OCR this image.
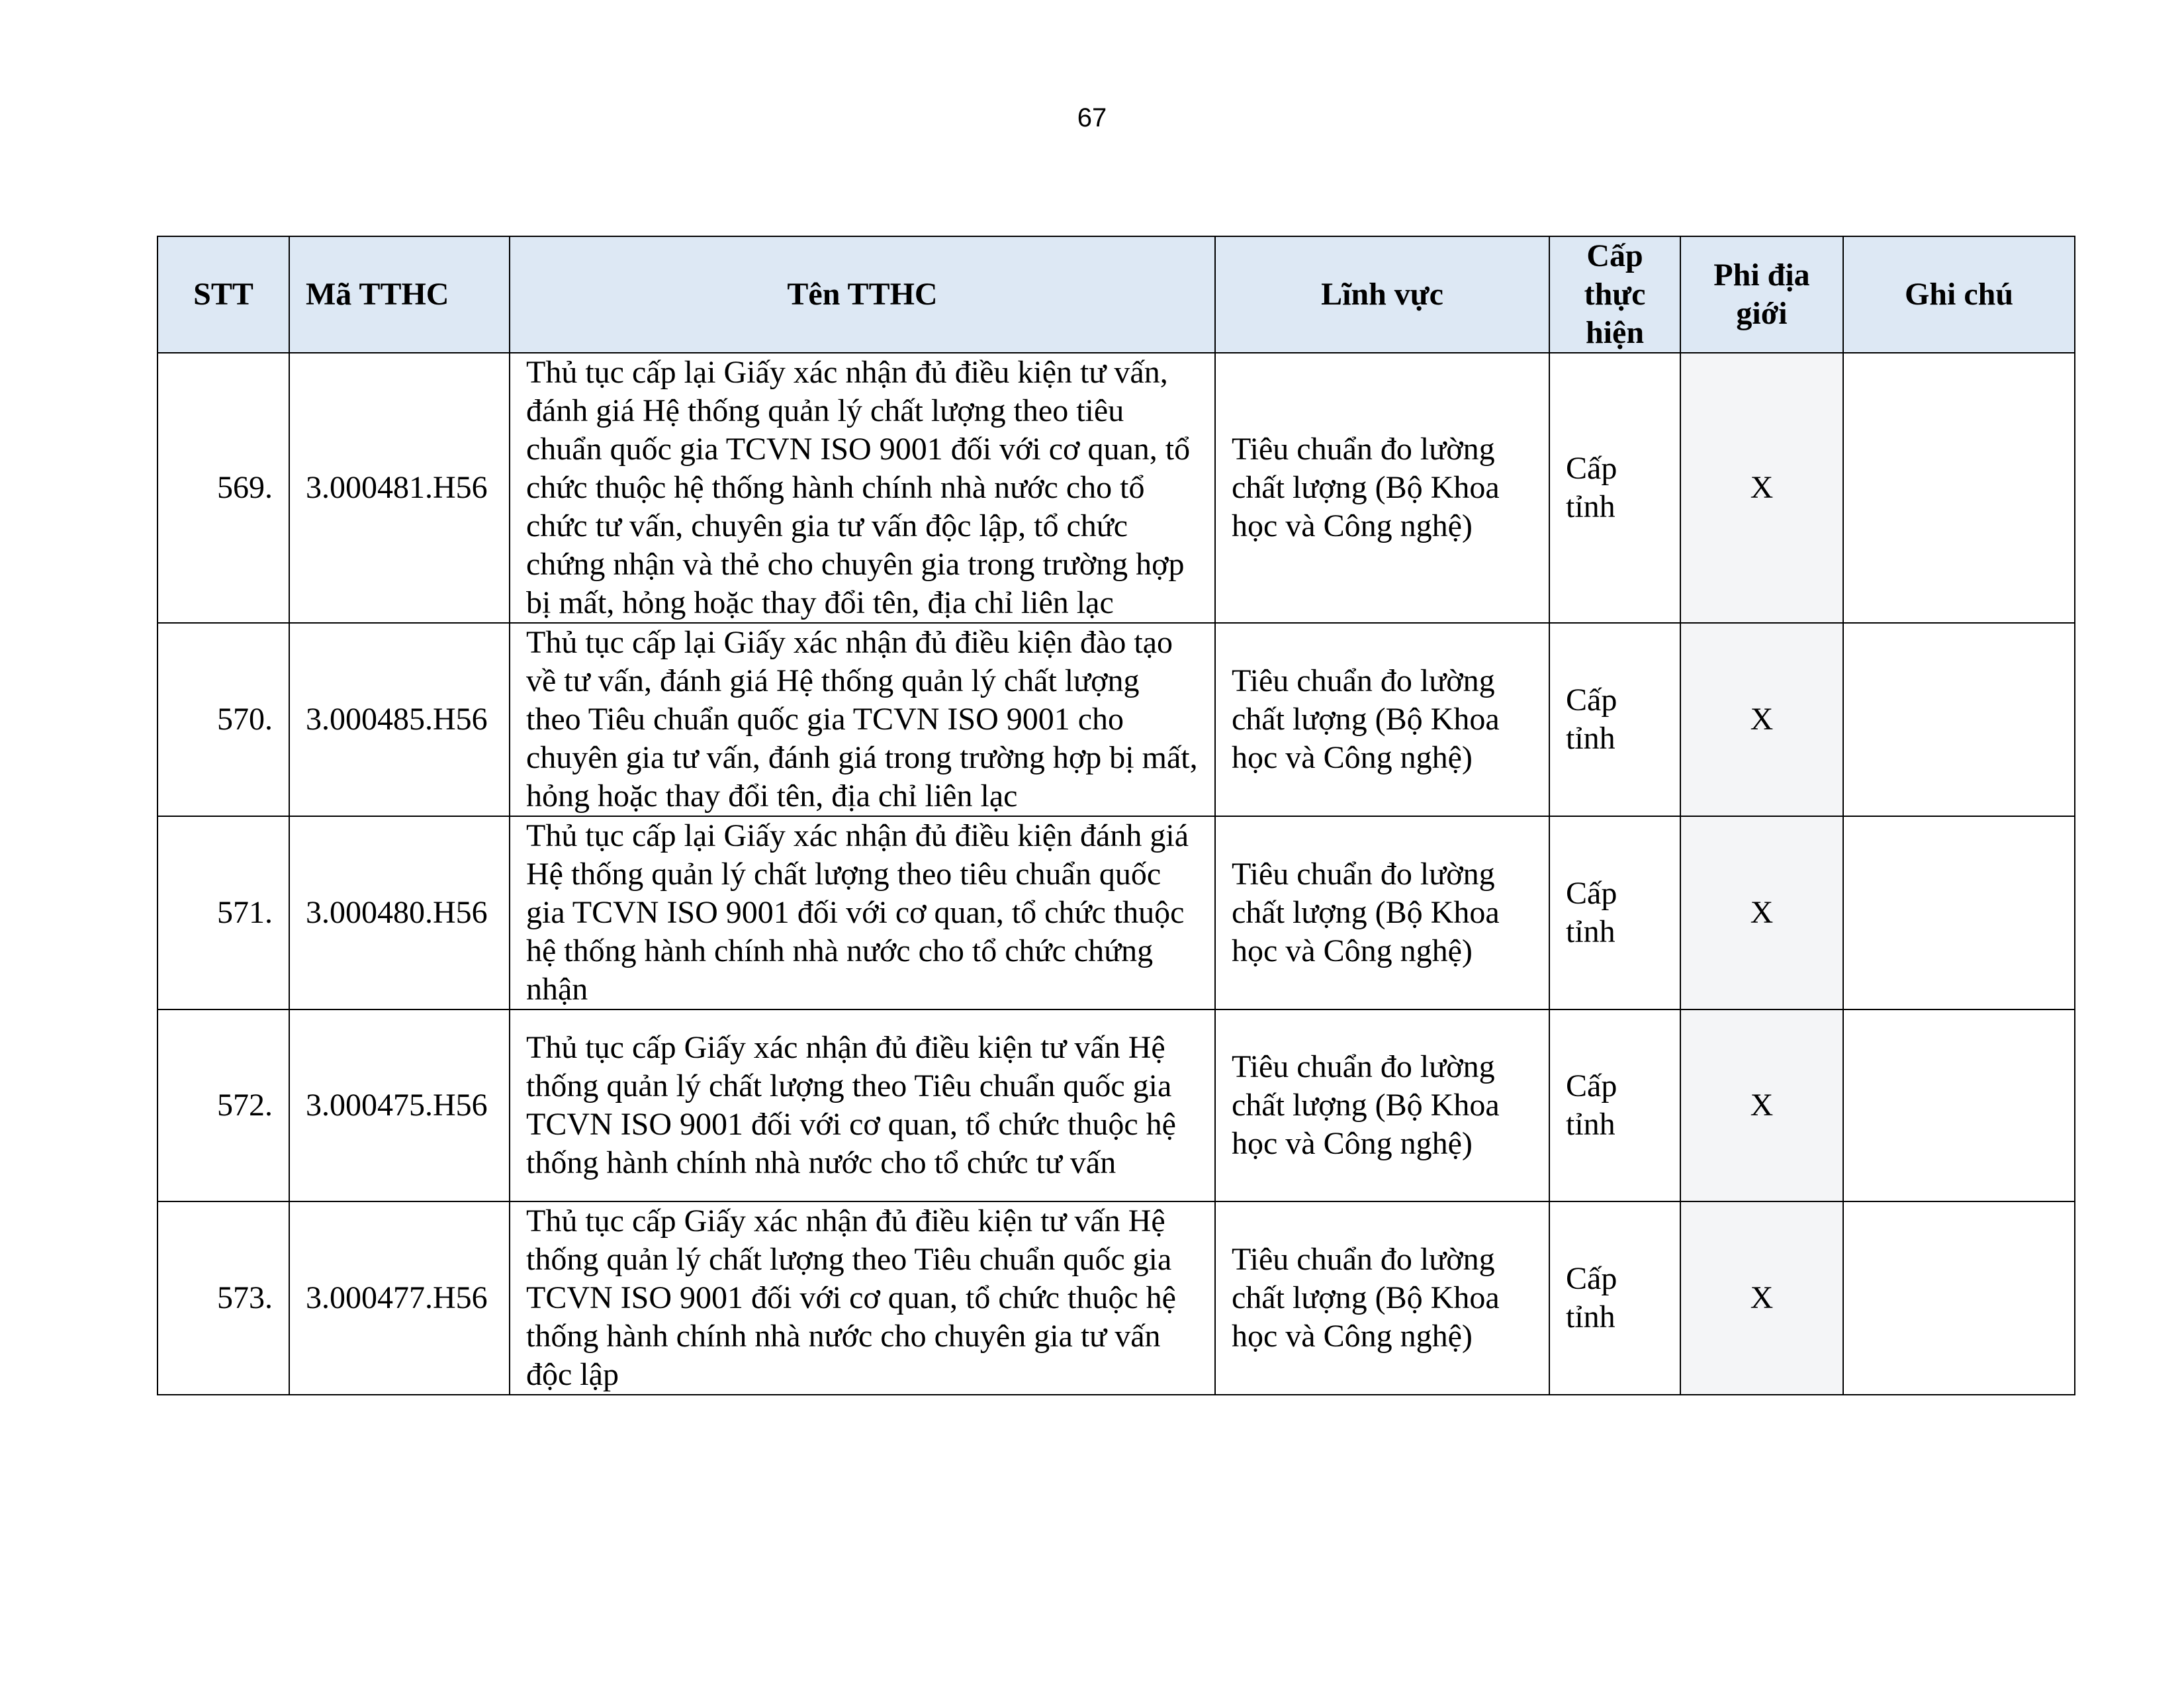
67
STT	Mã TTHC	Tên TTHC	Lĩnh vực	Cấp thực hiện	Phi địa giới	Ghi chú
569.	3.000481.H56	Thủ tục cấp lại Giấy xác nhận đủ điều kiện tư vấn, đánh giá Hệ thống quản lý chất lượng theo tiêu chuẩn quốc gia TCVN ISO 9001 đối với cơ quan, tổ chức thuộc hệ thống hành chính nhà nước cho tổ chức tư vấn, chuyên gia tư vấn độc lập, tổ chức chứng nhận và thẻ cho chuyên gia trong trường hợp bị mất, hỏng hoặc thay đổi tên, địa chỉ liên lạc	Tiêu chuẩn đo lường chất lượng (Bộ Khoa học và Công nghệ)	Cấp tỉnh	X	
570.	3.000485.H56	Thủ tục cấp lại Giấy xác nhận đủ điều kiện đào tạo về tư vấn, đánh giá Hệ thống quản lý chất lượng theo Tiêu chuẩn quốc gia TCVN ISO 9001 cho chuyên gia tư vấn, đánh giá trong trường hợp bị mất, hỏng hoặc thay đổi tên, địa chỉ liên lạc	Tiêu chuẩn đo lường chất lượng (Bộ Khoa học và Công nghệ)	Cấp tỉnh	X	
571.	3.000480.H56	Thủ tục cấp lại Giấy xác nhận đủ điều kiện đánh giá Hệ thống quản lý chất lượng theo tiêu chuẩn quốc gia TCVN ISO 9001 đối với cơ quan, tổ chức thuộc hệ thống hành chính nhà nước cho tổ chức chứng nhận	Tiêu chuẩn đo lường chất lượng (Bộ Khoa học và Công nghệ)	Cấp tỉnh	X	
572.	3.000475.H56	Thủ tục cấp Giấy xác nhận đủ điều kiện tư vấn Hệ thống quản lý chất lượng theo Tiêu chuẩn quốc gia TCVN ISO 9001 đối với cơ quan, tổ chức thuộc hệ thống hành chính nhà nước cho tổ chức tư vấn	Tiêu chuẩn đo lường chất lượng (Bộ Khoa học và Công nghệ)	Cấp tỉnh	X	
573.	3.000477.H56	Thủ tục cấp Giấy xác nhận đủ điều kiện tư vấn Hệ thống quản lý chất lượng theo Tiêu chuẩn quốc gia TCVN ISO 9001 đối với cơ quan, tổ chức thuộc hệ thống hành chính nhà nước cho chuyên gia tư vấn độc lập	Tiêu chuẩn đo lường chất lượng (Bộ Khoa học và Công nghệ)	Cấp tỉnh	X	
